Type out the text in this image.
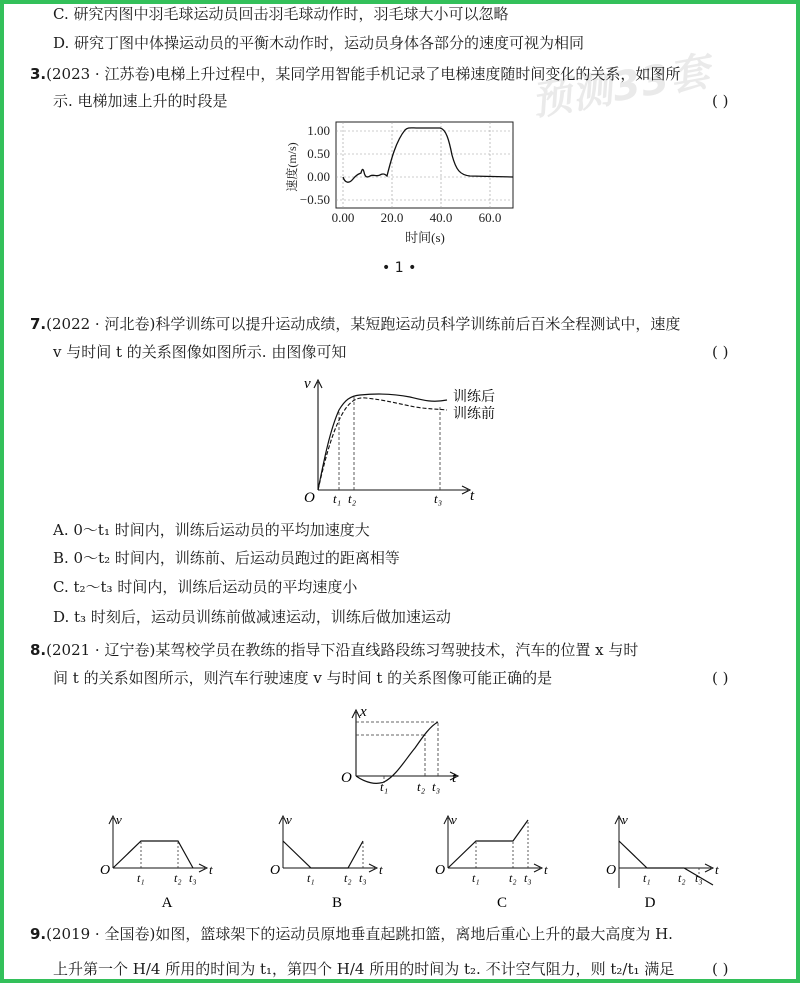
预测33套
C. 研究丙图中羽毛球运动员回击羽毛球动作时，羽毛球大小可以忽略
D. 研究丁图中体操运动员的平衡木动作时，运动员身体各部分的速度可视为相同
3.(2023 · 江苏卷)电梯上升过程中，某同学用智能手机记录了电梯速度随时间变化的关系，如图所
示. 电梯加速上升的时段是	( )
1.00
0.50
0.00
−0.50
0.00 20.0 40.0 60.0
时间(s)
速度(m/s)
• 1 •
7.(2022 · 河北卷)科学训练可以提升运动成绩，某短跑运动员科学训练前后百米全程测试中，速度
v 与时间 t 的关系图像如图所示. 由图像可知	( )
v
t
O t₁ t₂	t₃
训练后
训练前
A. 0～t₁ 时间内，训练后运动员的平均加速度大
B. 0～t₂ 时间内，训练前、后运动员跑过的距离相等
C. t₂～t₃ 时间内，训练后运动员的平均速度小
D. t₃ 时刻后，运动员训练前做减速运动，训练后做加速运动
8.(2021 · 辽宁卷)某驾校学员在教练的指导下沿直线路段练习驾驶技术，汽车的位置 x 与时
间 t 的关系如图所示，则汽车行驶速度 v 与时间 t 的关系图像可能正确的是	( )
x
t
O
t₁ t₂ t₃
v
t
O t₁ t₂ t₃
A
v
t
O t₁ t₂ t₃
B
v
t
O t₁ t₂ t₃
C
v
t
O t₁ t₂ t₃
D
9.(2019 · 全国卷)如图，篮球架下的运动员原地垂直起跳扣篮，离地后重心上升的最大高度为 H.
上升第一个 H/4 所用的时间为 t₁，第四个 H/4 所用的时间为 t₂. 不计空气阻力，则 t₂/t₁ 满足	( )
